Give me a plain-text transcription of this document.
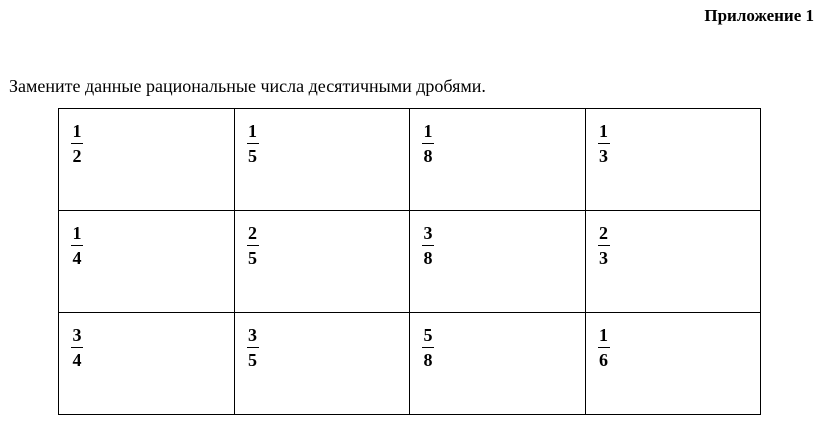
Приложение 1
Замените данные рациональные числа десятичными дробями.
$\frac{1}{2}$	$\frac{1}{5}$	$\frac{1}{8}$	$\frac{1}{3}$

$\frac{1}{4}$	$\frac{2}{5}$	$\frac{3}{8}$	$\frac{2}{3}$

$\frac{3}{4}$	$\frac{3}{5}$	$\frac{5}{8}$	$\frac{1}{6}$
